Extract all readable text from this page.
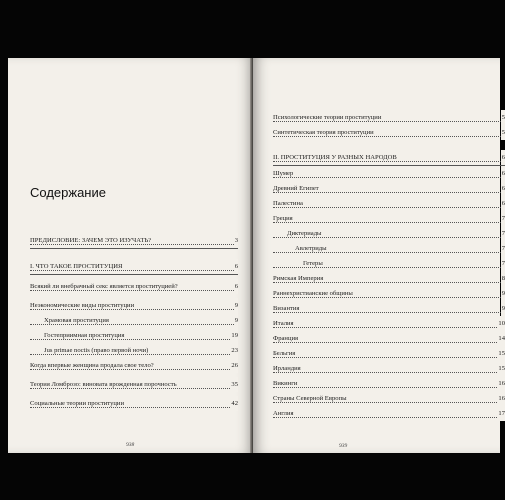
Содержание
ПРЕДИСЛОВИЕ: ЗАЧЕМ ЭТО ИЗУЧАТЬ?	3
I. ЧТО ТАКОЕ ПРОСТИТУЦИЯ	6
Всякий ли внебрачный секс является проституцией?	6
Неэкономические виды проституции	9
Храмовая проституция	9
Гостеприимная проституция	19
Jus primae noctis (право первой ночи)	23
Когда впервые женщина продала свое тело?	26
Теория Ломброзо: виновата врожденная порочность	35
Социальные теории проституции	42
938
Психологические теории проституции	5
Синтетическая теория проституции	5
II. ПРОСТИТУЦИЯ У РАЗНЫХ НАРОДОВ	6
Шумер	6
Древний Египет	6
Палестина	6
Греция	7
Диктериады	7
Авлетриды	7
Гетеры	7
Римская Империя	8
Раннехристианские общины	9
Византия	9
Италия	10
Франция	14
Бельгия	15
Ирландия	15
Викинги	16
Страны Северной Европы	16
Англия	17
939
